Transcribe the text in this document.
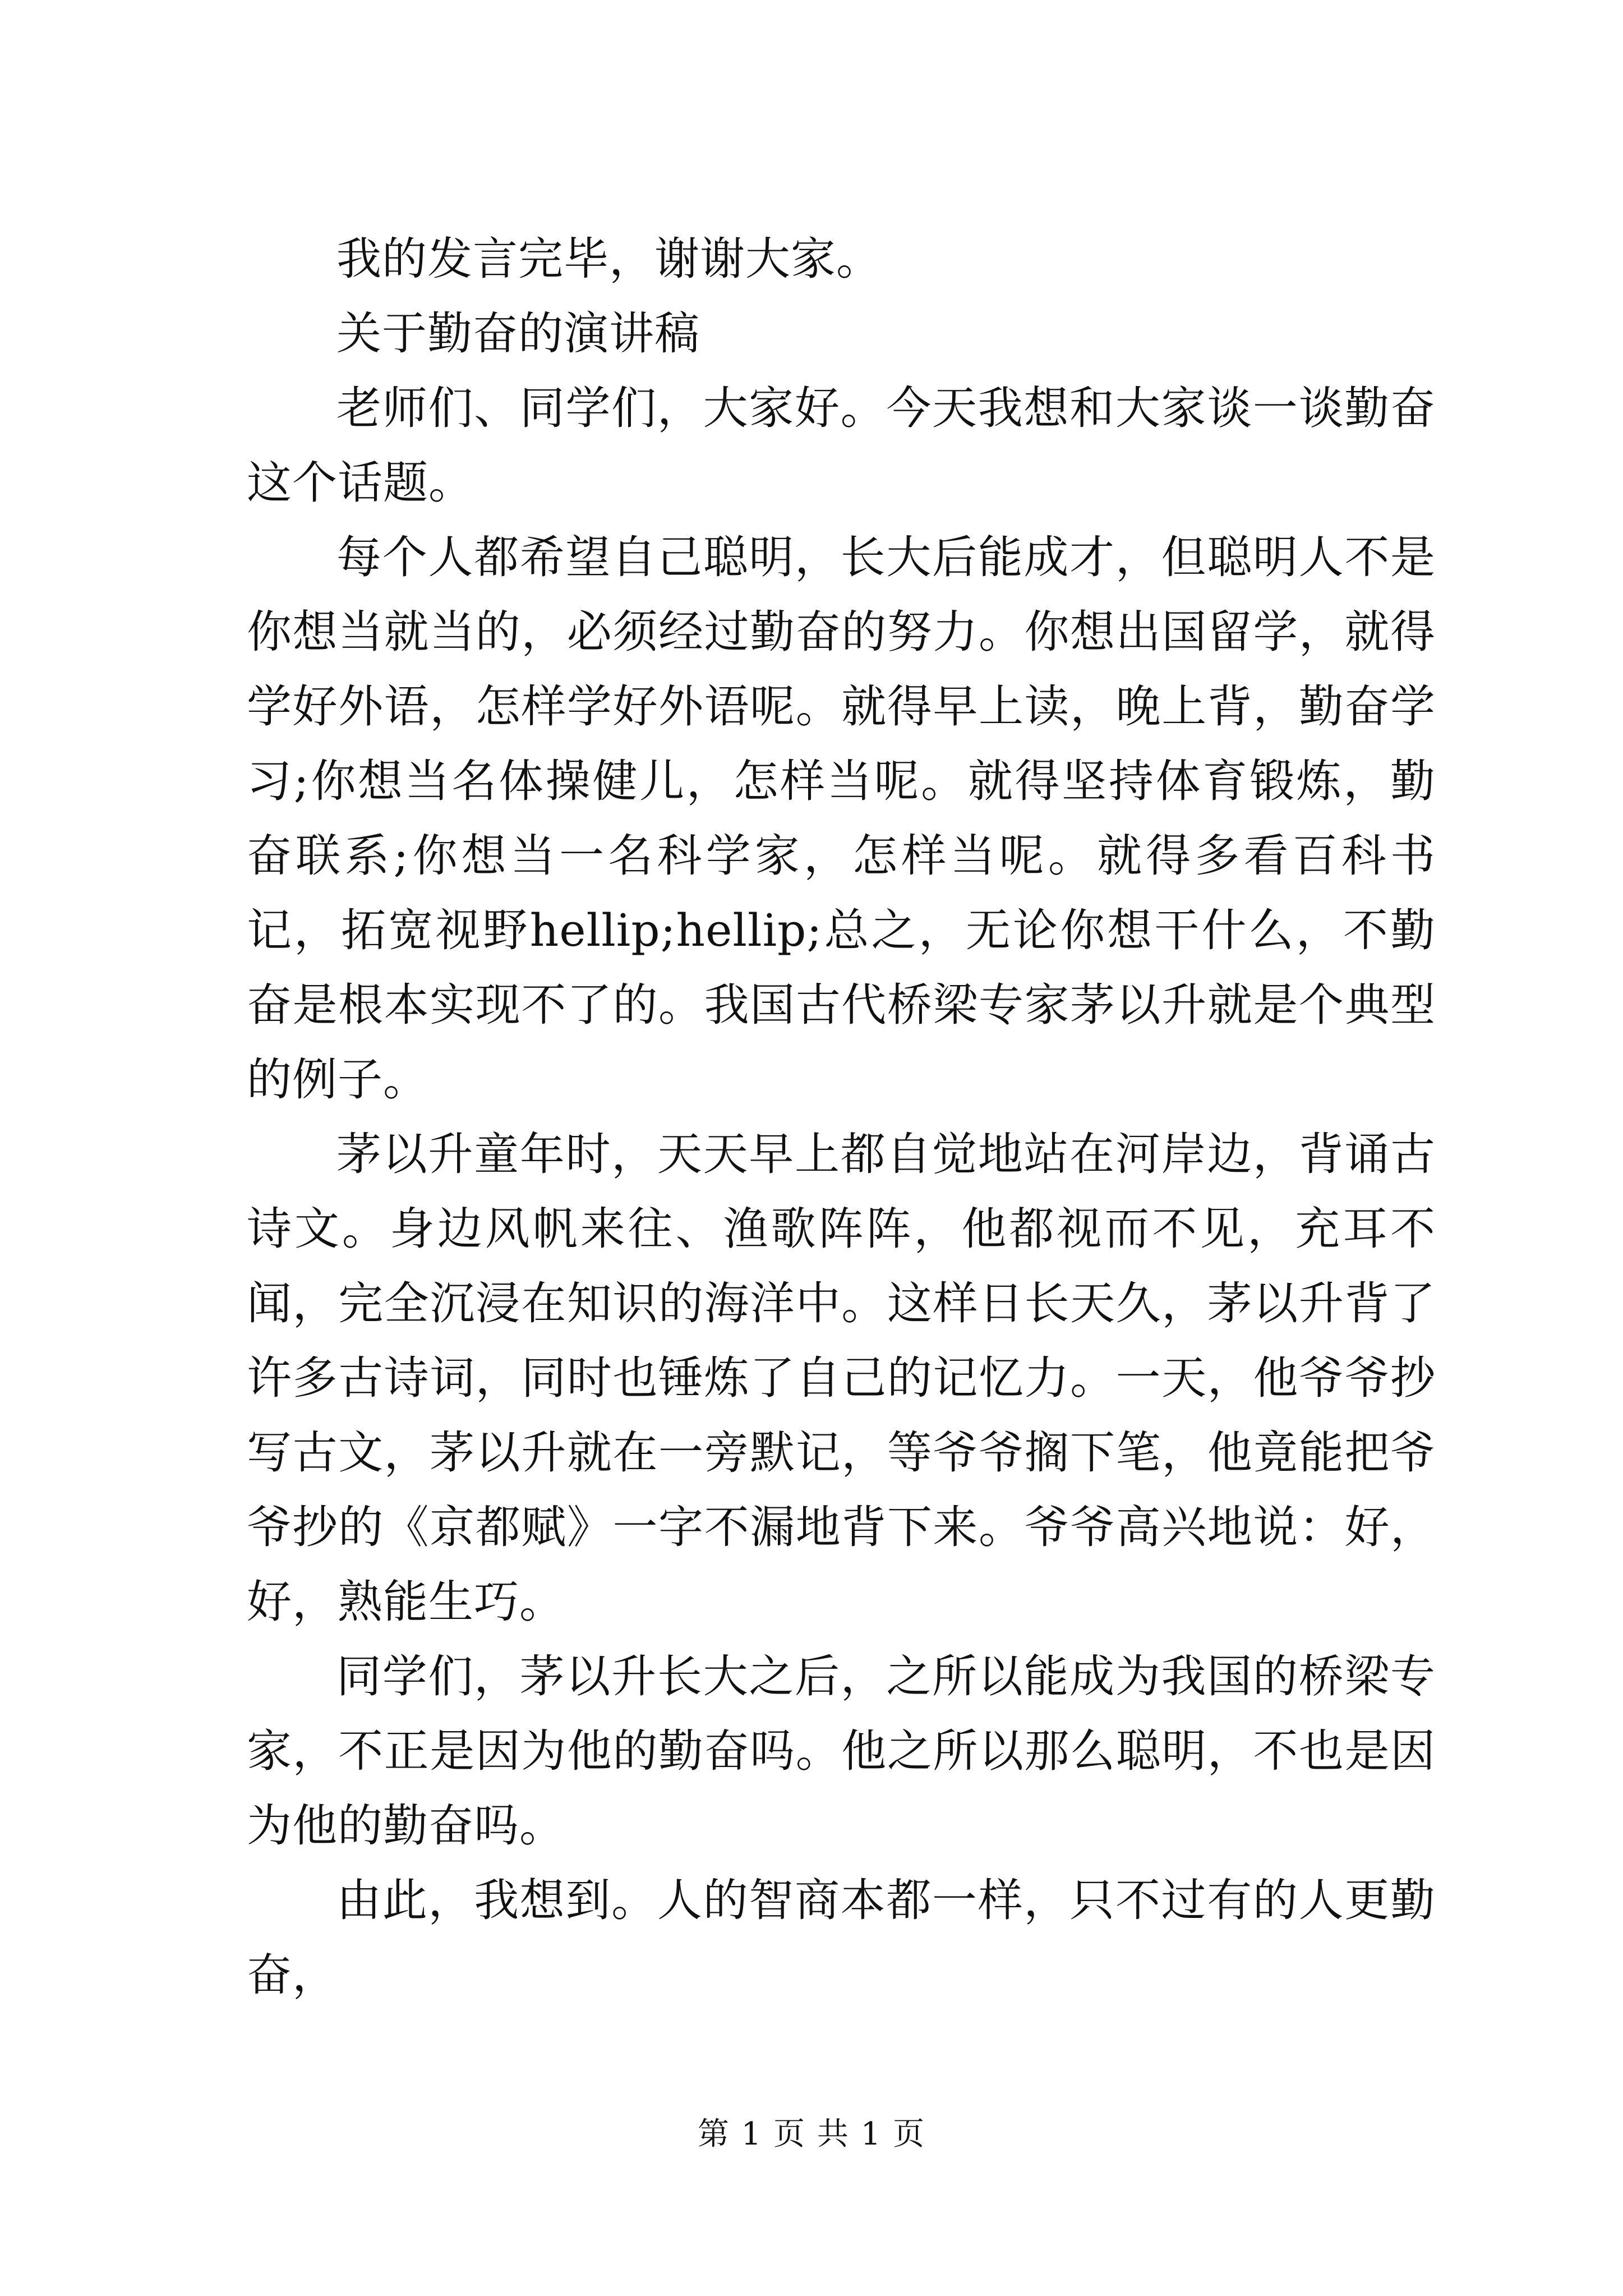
我的发言完毕，谢谢大家。

关于勤奋的演讲稿

老师们、同学们，大家好。今天我想和大家谈一谈勤奋这个话题。

每个人都希望自己聪明，长大后能成才，但聪明人不是你想当就当的，必须经过勤奋的努力。你想出国留学，就得学好外语，怎样学好外语呢。就得早上读，晚上背，勤奋学习;你想当名体操健儿，怎样当呢。就得坚持体育锻炼，勤奋联系;你想当一名科学家，怎样当呢。就得多看百科书记，拓宽视野hellip;hellip;总之，无论你想干什么，不勤奋是根本实现不了的。我国古代桥梁专家茅以升就是个典型的例子。

茅以升童年时，天天早上都自觉地站在河岸边，背诵古诗文。身边风帆来往、渔歌阵阵，他都视而不见，充耳不闻，完全沉浸在知识的海洋中。这样日长天久，茅以升背了许多古诗词，同时也锤炼了自己的记忆力。一天，他爷爷抄写古文，茅以升就在一旁默记，等爷爷搁下笔，他竟能把爷爷抄的《京都赋》一字不漏地背下来。爷爷高兴地说：好，好，熟能生巧。

同学们，茅以升长大之后，之所以能成为我国的桥梁专家，不正是因为他的勤奋吗。他之所以那么聪明，不也是因为他的勤奋吗。

由此，我想到。人的智商本都一样，只不过有的人更勤奋，

第 1 页 共 1 页
